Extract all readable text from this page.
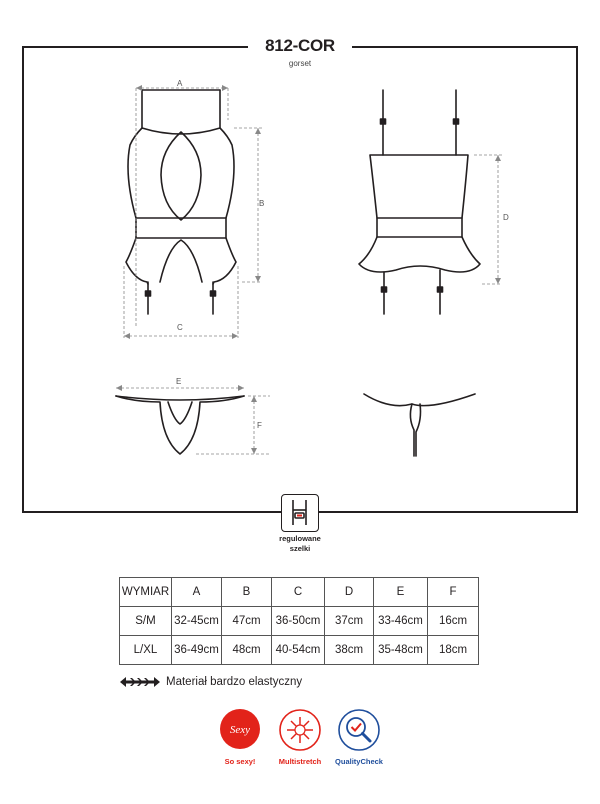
812-COR
gorset
A
B
C
D
E
F
regulowane
szelki
WYMIAR	A	B	C	D	E	F
S/M	32-45cm	47cm	36-50cm	37cm	33-46cm	16cm
L/XL	36-49cm	48cm	40-54cm	38cm	35-48cm	18cm
Materiał bardzo elastyczny
Sexy
So sexy!	Multistretch	QualityCheck
